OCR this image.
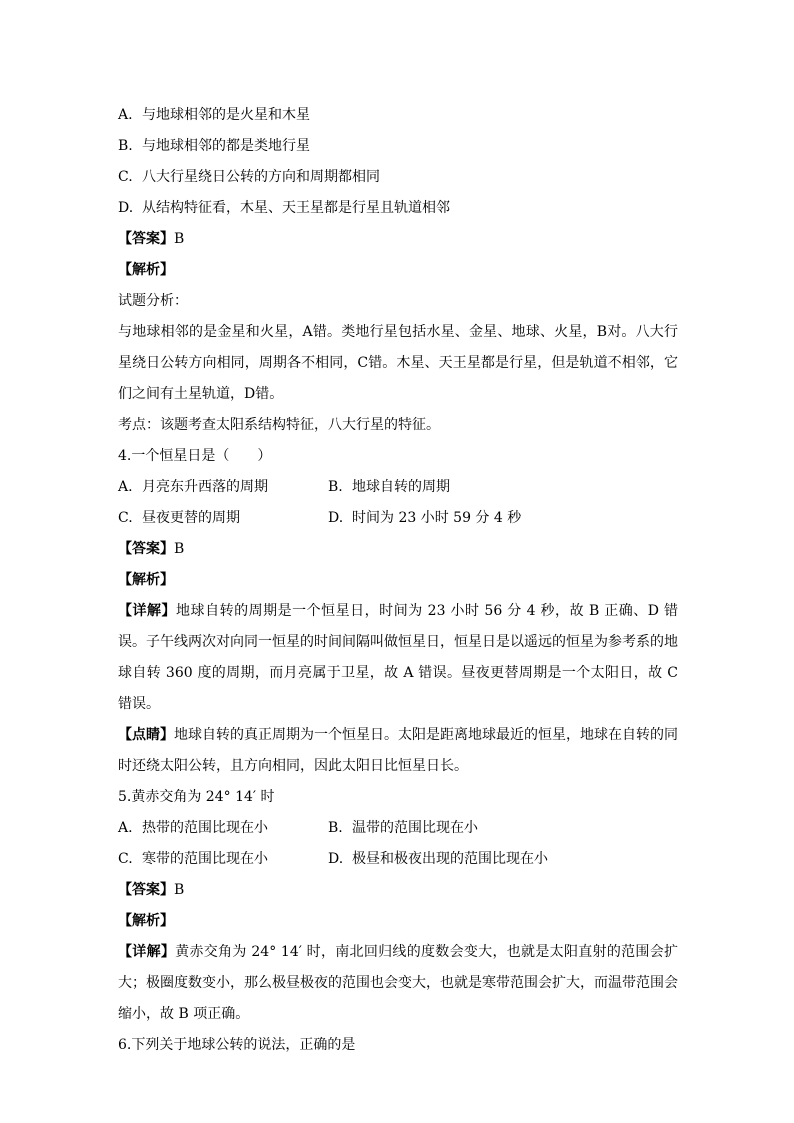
A. 与地球相邻的是火星和木星
B. 与地球相邻的都是类地行星
C. 八大行星绕日公转的方向和周期都相同
D. 从结构特征看，木星、天王星都是行星且轨道相邻
【答案】B
【解析】
试题分析：
与地球相邻的是金星和火星，A错。类地行星包括水星、金星、地球、火星，B对。八大行星绕日公转方向相同，周期各不相同，C错。木星、天王星都是行星，但是轨道不相邻，它们之间有土星轨道，D错。
考点：该题考查太阳系结构特征，八大行星的特征。
4.一个恒星日是（　　）
A. 月亮东升西落的周期	B. 地球自转的周期
C. 昼夜更替的周期	D. 时间为 23 小时 59 分 4 秒
【答案】B
【解析】
【详解】地球自转的周期是一个恒星日，时间为 23 小时 56 分 4 秒，故 B 正确、D 错误。子午线两次对向同一恒星的时间间隔叫做恒星日，恒星日是以遥远的恒星为参考系的地球自转 360 度的周期，而月亮属于卫星，故 A 错误。昼夜更替周期是一个太阳日，故 C 错误。
【点睛】地球自转的真正周期为一个恒星日。太阳是距离地球最近的恒星，地球在自转的同时还绕太阳公转，且方向相同，因此太阳日比恒星日长。
5.黄赤交角为 24° 14′ 时
A. 热带的范围比现在小	B. 温带的范围比现在小
C. 寒带的范围比现在小	D. 极昼和极夜出现的范围比现在小
【答案】B
【解析】
【详解】黄赤交角为 24° 14′ 时，南北回归线的度数会变大，也就是太阳直射的范围会扩大；极圈度数变小，那么极昼极夜的范围也会变大，也就是寒带范围会扩大，而温带范围会缩小，故 B 项正确。
6.下列关于地球公转的说法，正确的是
